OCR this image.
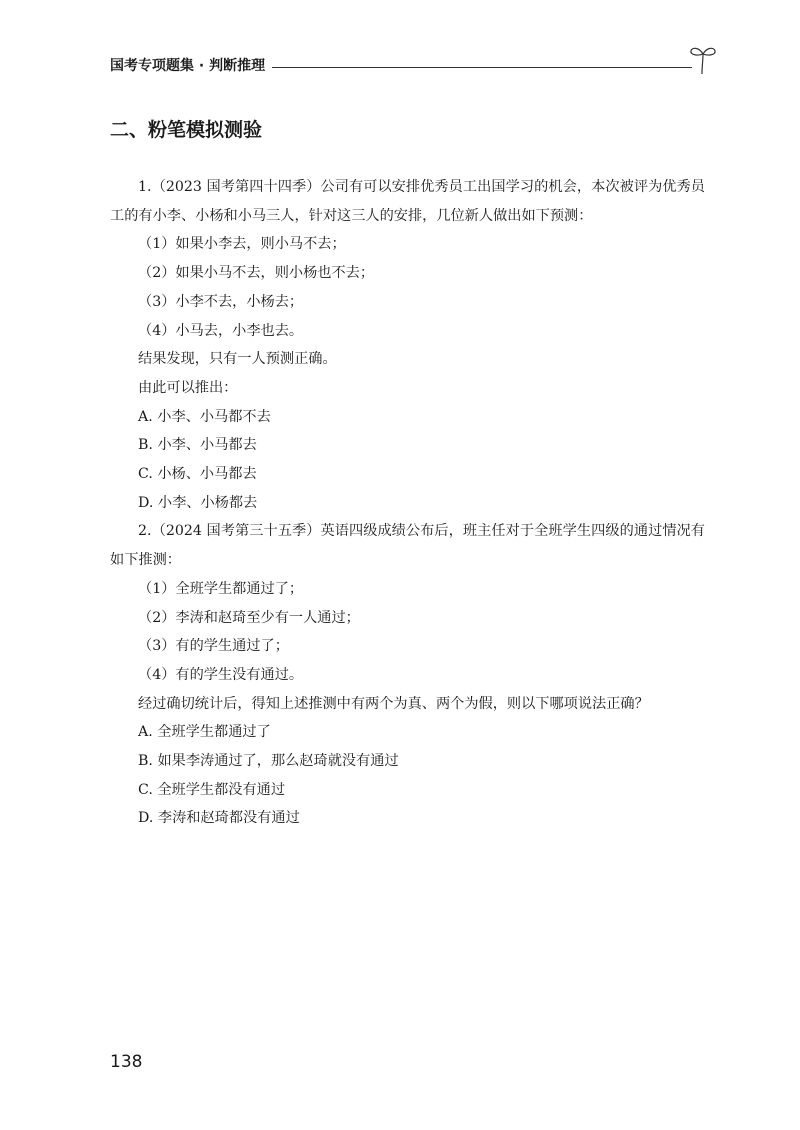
国考专项题集 · 判断推理
二、粉笔模拟测验

1.（2023 国考第四十四季）公司有可以安排优秀员工出国学习的机会，本次被评为优秀员工的有小李、小杨和小马三人，针对这三人的安排，几位新人做出如下预测：

（1）如果小李去，则小马不去；

（2）如果小马不去，则小杨也不去；

（3）小李不去，小杨去；

（4）小马去，小李也去。

结果发现，只有一人预测正确。

由此可以推出：

A. 小李、小马都不去

B. 小李、小马都去

C. 小杨、小马都去

D. 小李、小杨都去

2.（2024 国考第三十五季）英语四级成绩公布后，班主任对于全班学生四级的通过情况有如下推测：

（1）全班学生都通过了；

（2）李涛和赵琦至少有一人通过；

（3）有的学生通过了；

（4）有的学生没有通过。

经过确切统计后，得知上述推测中有两个为真、两个为假，则以下哪项说法正确？

A. 全班学生都通过了

B. 如果李涛通过了，那么赵琦就没有通过

C. 全班学生都没有通过

D. 李涛和赵琦都没有通过

138
